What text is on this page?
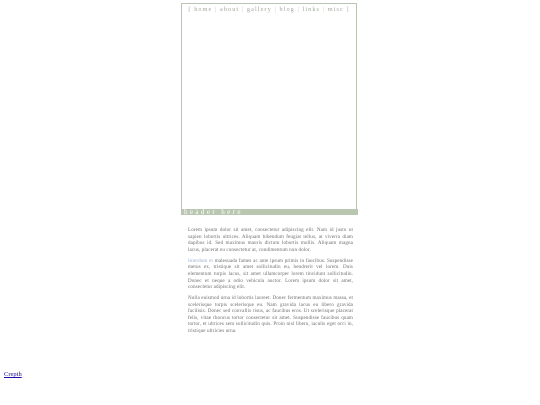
[ home | about | gallery | blog | links | misc ]
header here

Lorem ipsum dolor sit amet, consectetur adipiscing elit. Nam id justo ut sapien lobortis ultrices. Aliquam bibendum feugiat tellus, at viverra diam dapibus id. Sed maximus mauris dictum lobortis mollis. Aliquam magna lacus, placerat eu consectetur at, condimentum non dolor.

Interdum et malesuada fames ac ante ipsum primis in faucibus. Suspendisse metus ex, tristique sit amet sollicitudin eu, hendrerit vel lorem. Duis elementum turpis lacus, sit amet ullamcorper lorem tincidunt sollicitudin. Donec et neque a odio vehicula auctor. Lorem ipsum dolor sit amet, consectetur adipiscing elit.

Nulla euismod urna id lobortis laoreet. Donec fermentum maximus massa, et scelerisque turpis scelerisque eu. Nam gravida lacus eu libero gravida facilisis. Donec sed convallis risus, ac faucibus eros. Ut scelerisque placerat felis, vitae rhoncus tortor consectetur sit amet. Suspendisse faucibus quam tortor, et ultrices sem sollicitudin quis. Proin nisl libero, iaculis eget orci in, tristique ultricies urna.

Crepth
